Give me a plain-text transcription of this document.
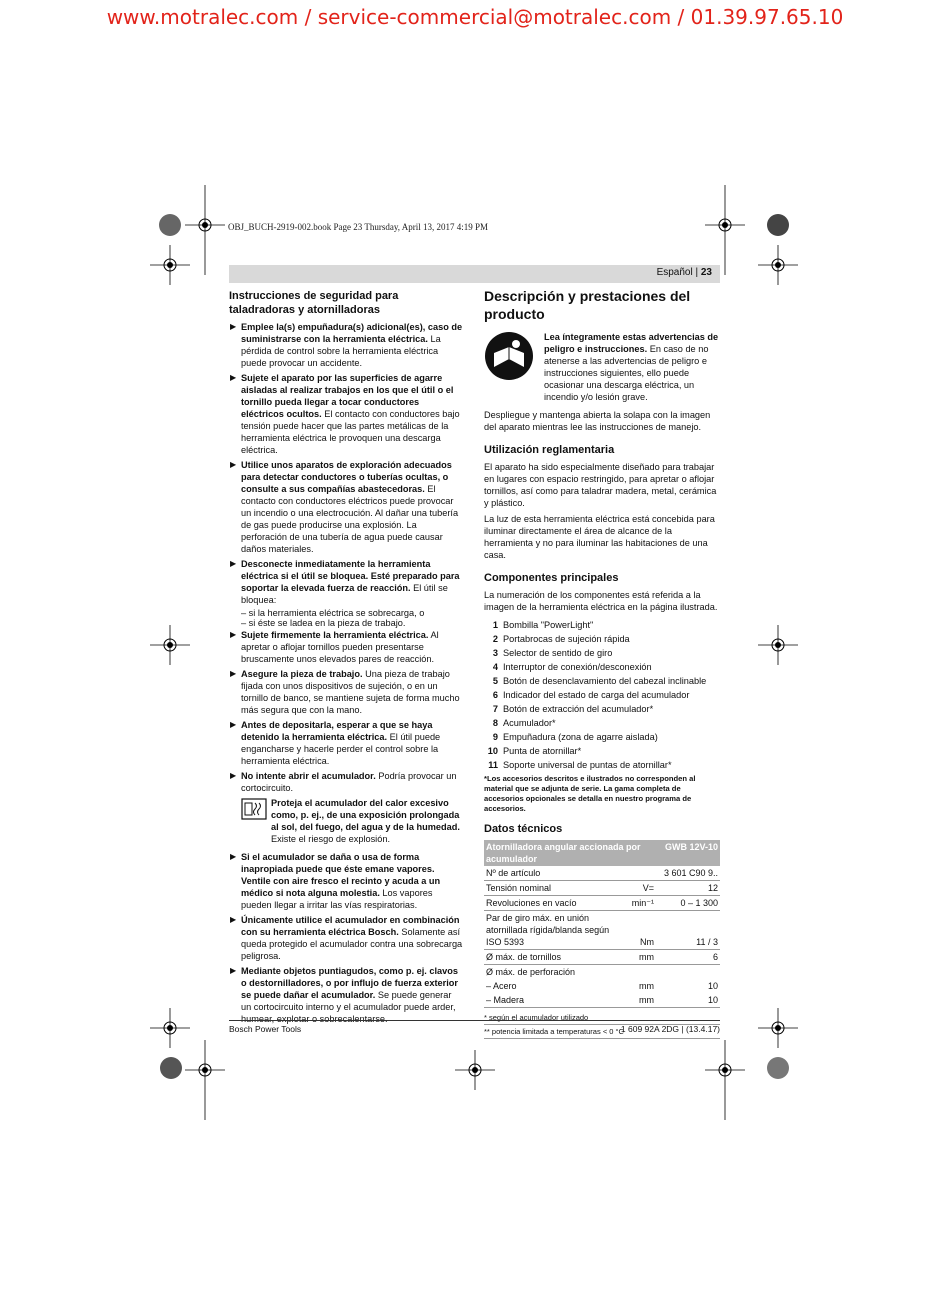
www.motralec.com / service-commercial@motralec.com / 01.39.97.65.10
OBJ_BUCH-2919-002.book Page 23 Thursday, April 13, 2017 4:19 PM
Español | 23
Instrucciones de seguridad para taladradoras y atornilladoras
▶ Emplee la(s) empuñadura(s) adicional(es), caso de suministrarse con la herramienta eléctrica. La pérdida de control sobre la herramienta eléctrica puede provocar un accidente.
▶ Sujete el aparato por las superficies de agarre aisladas al realizar trabajos en los que el útil o el tornillo pueda llegar a tocar conductores eléctricos ocultos. El contacto con conductores bajo tensión puede hacer que las partes metálicas de la herramienta eléctrica le provoquen una descarga eléctrica.
▶ Utilice unos aparatos de exploración adecuados para detectar conductores o tuberías ocultas, o consulte a sus compañías abastecedoras. El contacto con conductores eléctricos puede provocar un incendio o una electrocución. Al dañar una tubería de gas puede producirse una explosión. La perforación de una tubería de agua puede causar daños materiales.
▶ Desconecte inmediatamente la herramienta eléctrica si el útil se bloquea. Esté preparado para soportar la elevada fuerza de reacción. El útil se bloquea:
– si la herramienta eléctrica se sobrecarga, o
– si éste se ladea en la pieza de trabajo.
▶ Sujete firmemente la herramienta eléctrica. Al apretar o aflojar tornillos pueden presentarse bruscamente unos elevados pares de reacción.
▶ Asegure la pieza de trabajo. Una pieza de trabajo fijada con unos dispositivos de sujeción, o en un tornillo de banco, se mantiene sujeta de forma mucho más segura que con la mano.
▶ Antes de depositarla, esperar a que se haya detenido la herramienta eléctrica. El útil puede engancharse y hacerle perder el control sobre la herramienta eléctrica.
▶ No intente abrir el acumulador. Podría provocar un cortocircuito.
Proteja el acumulador del calor excesivo como, p. ej., de una exposición prolongada al sol, del fuego, del agua y de la humedad. Existe el riesgo de explosión.
▶ Si el acumulador se daña o usa de forma inapropiada puede que éste emane vapores. Ventile con aire fresco el recinto y acuda a un médico si nota alguna molestia. Los vapores pueden llegar a irritar las vías respiratorias.
▶ Únicamente utilice el acumulador en combinación con su herramienta eléctrica Bosch. Solamente así queda protegido el acumulador contra una sobrecarga peligrosa.
▶ Mediante objetos puntiagudos, como p. ej. clavos o destornilladores, o por influjo de fuerza exterior se puede dañar el acumulador. Se puede generar un cortocircuito interno y el acumulador puede arder, humear, explotar o sobrecalentarse.
Descripción y prestaciones del producto
Lea íntegramente estas advertencias de peligro e instrucciones. En caso de no atenerse a las advertencias de peligro e instrucciones siguientes, ello puede ocasionar una descarga eléctrica, un incendio y/o lesión grave.

Despliegue y mantenga abierta la solapa con la imagen del aparato mientras lee las instrucciones de manejo.

Utilización reglamentaria

El aparato ha sido especialmente diseñado para trabajar en lugares con espacio restringido, para apretar o aflojar tornillos, así como para taladrar madera, metal, cerámica y plástico.

La luz de esta herramienta eléctrica está concebida para iluminar directamente el área de alcance de la herramienta y no para iluminar las habitaciones de una casa.

Componentes principales

La numeración de los componentes está referida a la imagen de la herramienta eléctrica en la página ilustrada.

1 Bombilla "PowerLight"
2 Portabrocas de sujeción rápida
3 Selector de sentido de giro
4 Interruptor de conexión/desconexión
5 Botón de desenclavamiento del cabezal inclinable
6 Indicador del estado de carga del acumulador
7 Botón de extracción del acumulador*
8 Acumulador*
9 Empuñadura (zona de agarre aislada)
10 Punta de atornillar*
11 Soporte universal de puntas de atornillar*
*Los accesorios descritos e ilustrados no corresponden al material que se adjunta de serie. La gama completa de accesorios opcionales se detalla en nuestro programa de accesorios.
Datos técnicos
Atornilladora angular accionada por acumulador		GWB 12V-10
Nº de artículo		3 601 C90 9..
Tensión nominal	V=	12
Revoluciones en vacío	min⁻¹	0 – 1 300
Par de giro máx. en unión atornillada rígida/blanda según ISO 5393	Nm	11 / 3
Ø máx. de tornillos	mm	6
Ø máx. de perforación		
– Acero	mm	10
– Madera	mm	10
* según el acumulador utilizado
** potencia limitada a temperaturas < 0 °C
Bosch Power Tools	1 609 92A 2DG | (13.4.17)
